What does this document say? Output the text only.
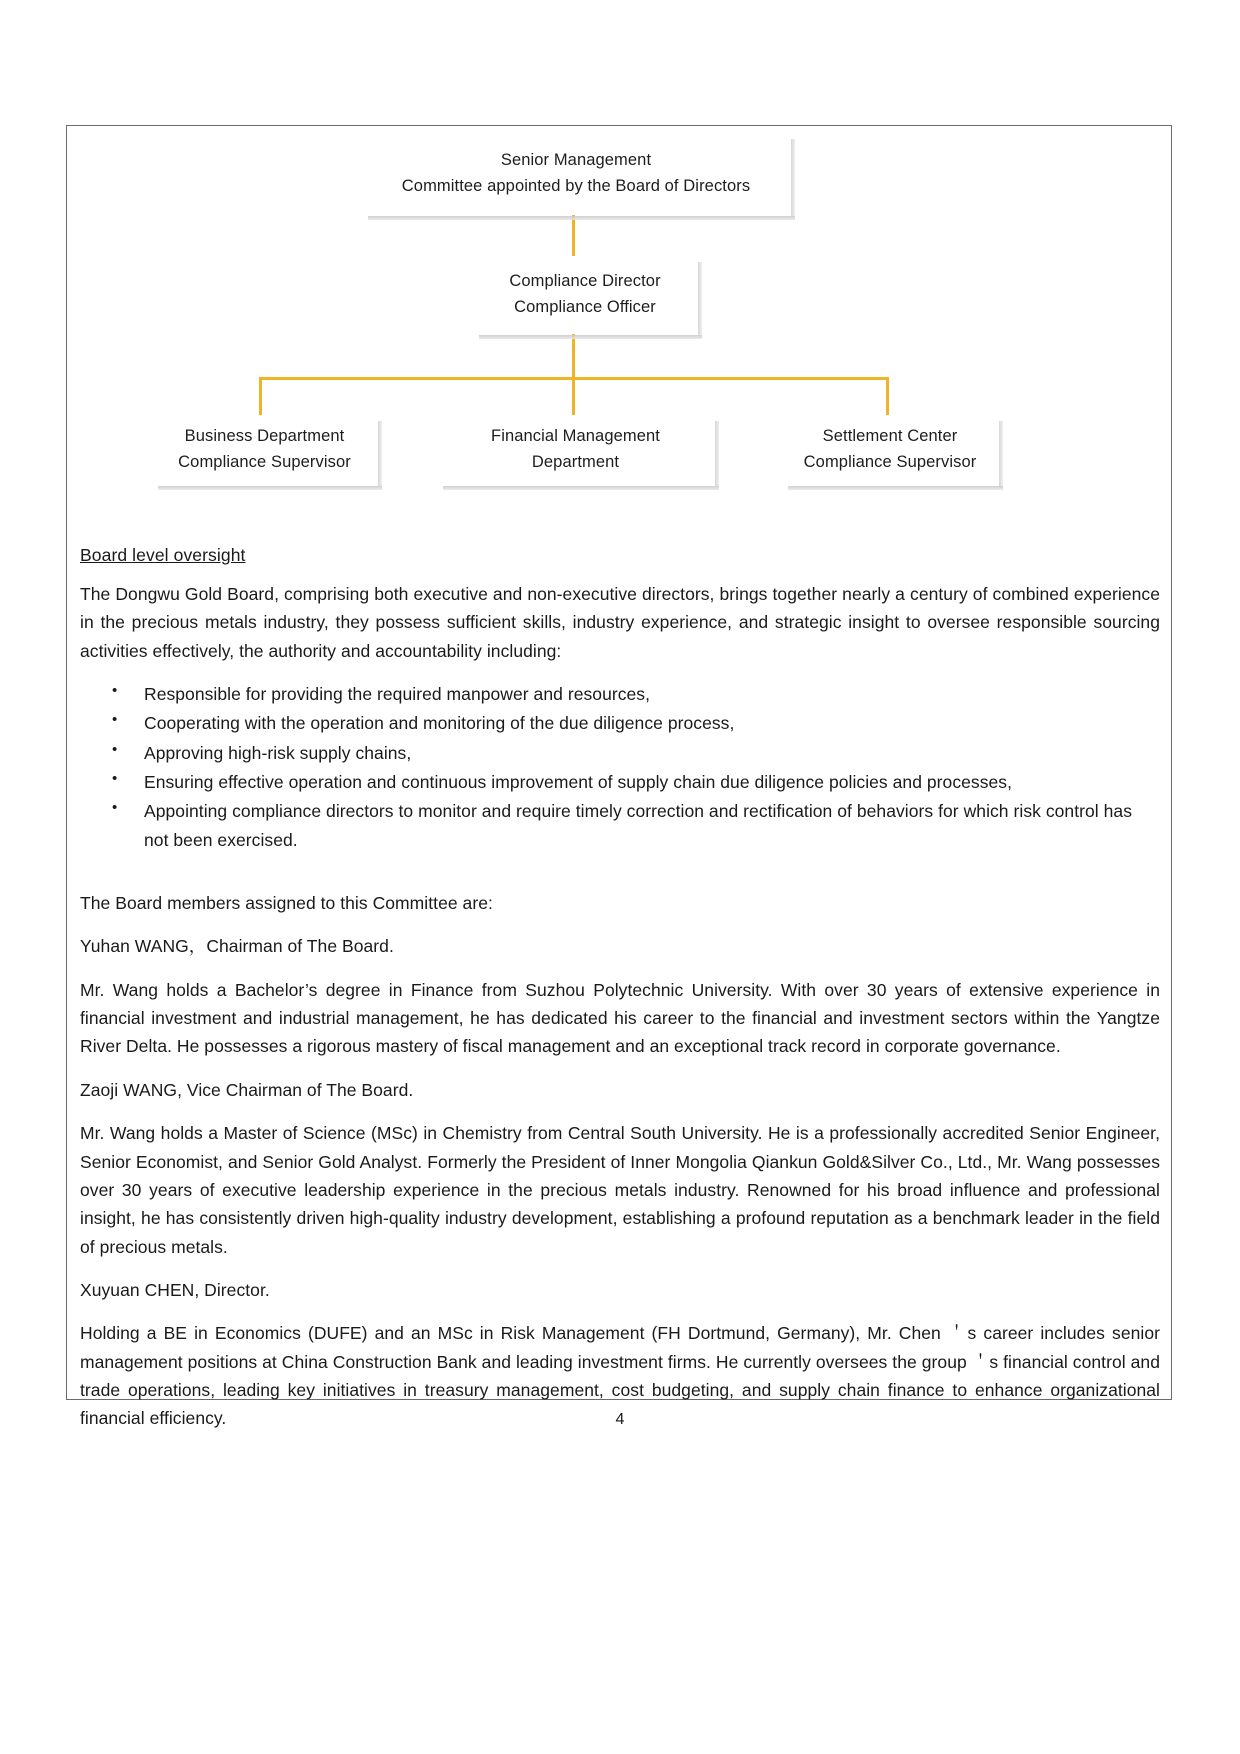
Senior Management
Committee appointed by the Board of Directors
Compliance Director
Compliance Officer
Business Department
Compliance Supervisor
Financial Management
Department
Settlement Center
Compliance Supervisor
Board level oversight

The Dongwu Gold Board, comprising both executive and non-executive directors, brings together nearly a century of combined experience in the precious metals industry, they possess sufficient skills, industry experience, and strategic insight to oversee responsible sourcing activities effectively, the authority and accountability including:

• Responsible for providing the required manpower and resources,
• Cooperating with the operation and monitoring of the due diligence process,
• Approving high-risk supply chains,
• Ensuring effective operation and continuous improvement of supply chain due diligence policies and processes,
• Appointing compliance directors to monitor and require timely correction and rectification of behaviors for which risk control has not been exercised.

The Board members assigned to this Committee are:

Yuhan WANG，Chairman of The Board.

Mr. Wang holds a Bachelor’s degree in Finance from Suzhou Polytechnic University. With over 30 years of extensive experience in financial investment and industrial management, he has dedicated his career to the financial and investment sectors within the Yangtze River Delta. He possesses a rigorous mastery of fiscal management and an exceptional track record in corporate governance.

Zaoji WANG, Vice Chairman of The Board.

Mr. Wang holds a Master of Science (MSc) in Chemistry from Central South University. He is a professionally accredited Senior Engineer, Senior Economist, and Senior Gold Analyst. Formerly the President of Inner Mongolia Qiankun Gold&Silver Co., Ltd., Mr. Wang possesses over 30 years of executive leadership experience in the precious metals industry. Renowned for his broad influence and professional insight, he has consistently driven high-quality industry development, establishing a profound reputation as a benchmark leader in the field of precious metals.

Xuyuan CHEN, Director.

Holding a BE in Economics (DUFE) and an MSc in Risk Management (FH Dortmund, Germany), Mr. Chen ＇s career includes senior management positions at China Construction Bank and leading investment firms. He currently oversees the group ＇s financial control and trade operations, leading key initiatives in treasury management, cost budgeting, and supply chain finance to enhance organizational financial efficiency.	4
